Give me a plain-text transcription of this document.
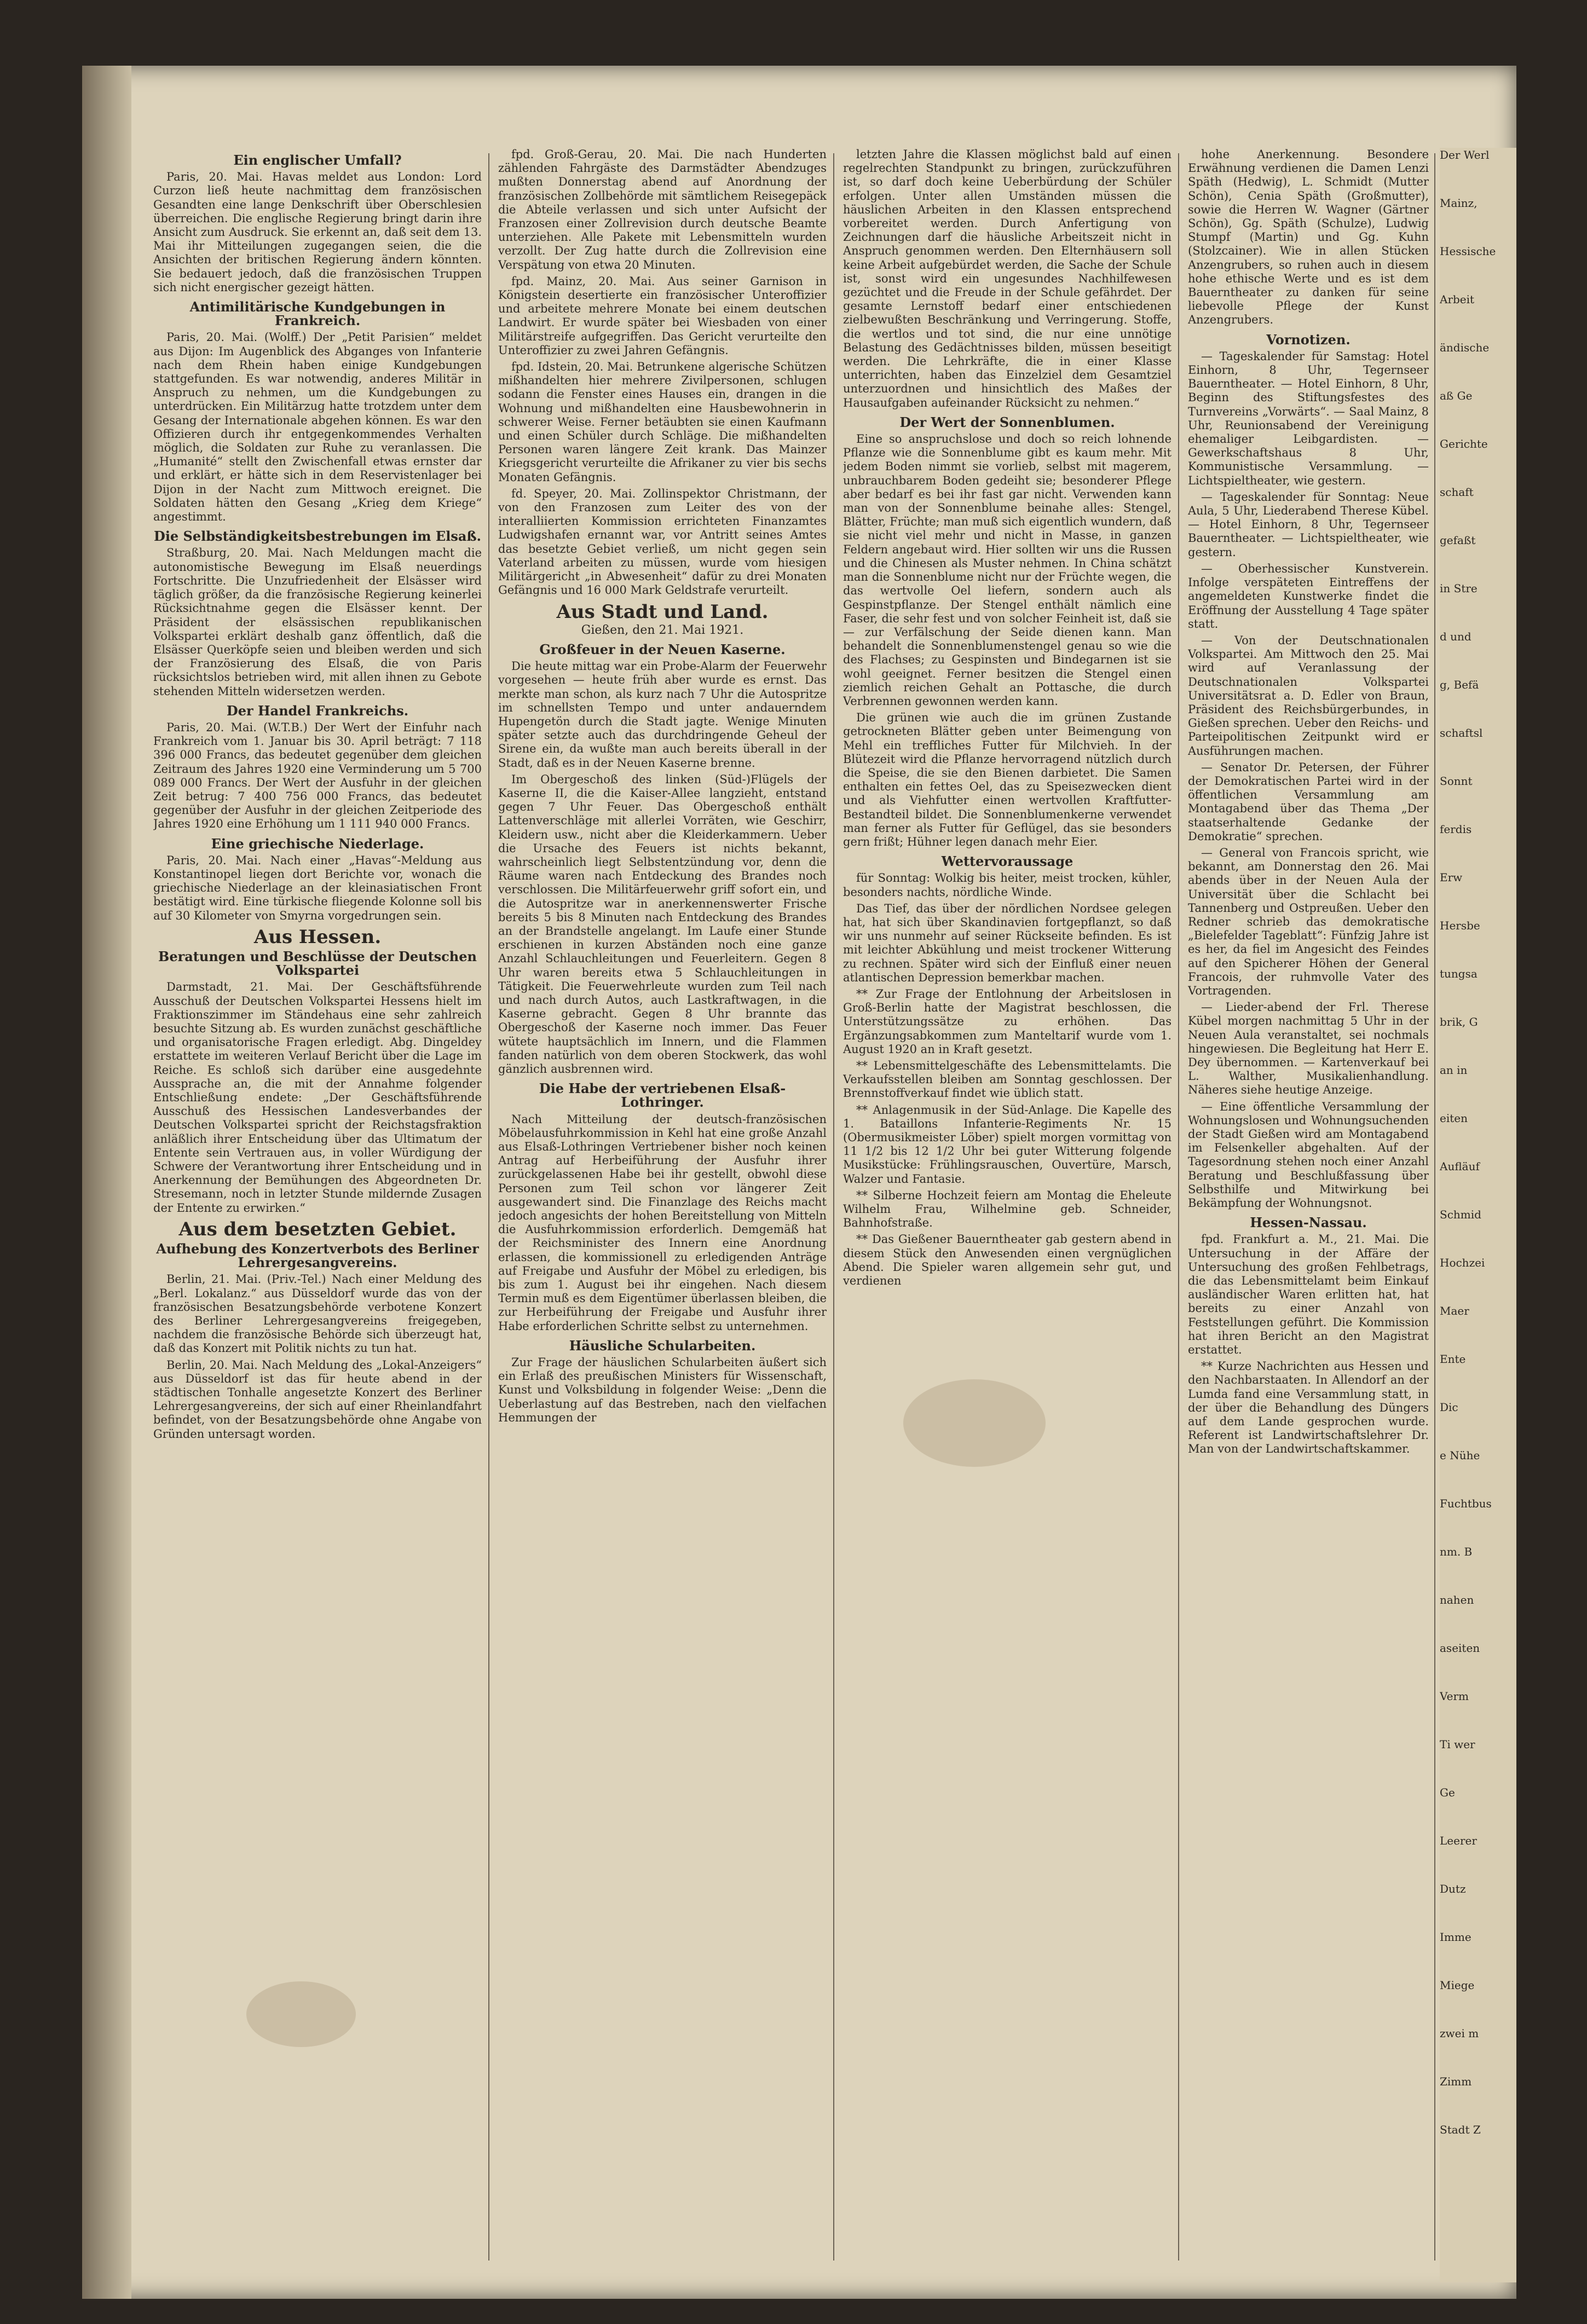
Ein englischer Umfall?

Paris, 20. Mai. Havas meldet aus London: Lord Curzon ließ heute nachmittag dem französischen Gesandten eine lange Denkschrift über Oberschlesien überreichen. Die englische Regierung bringt darin ihre Ansicht zum Ausdruck. Sie erkennt an, daß seit dem 13. Mai ihr Mitteilungen zugegangen seien, die die Ansichten der britischen Regierung ändern könnten. Sie bedauert jedoch, daß die französischen Truppen sich nicht energischer gezeigt hätten.

Antimilitärische Kundgebungen in Frankreich.

Paris, 20. Mai. (Wolff.) Der „Petit Parisien“ meldet aus Dijon: Im Augenblick des Abganges von Infanterie nach dem Rhein haben einige Kundgebungen stattgefunden. Es war notwendig, anderes Militär in Anspruch zu nehmen, um die Kundgebungen zu unterdrücken. Ein Militärzug hatte trotzdem unter dem Gesang der Internationale abgehen können. Es war den Offizieren durch ihr entgegenkommendes Verhalten möglich, die Soldaten zur Ruhe zu veranlassen. Die „Humanité“ stellt den Zwischenfall etwas ernster dar und erklärt, er hätte sich in dem Reservistenlager bei Dijon in der Nacht zum Mittwoch ereignet. Die Soldaten hätten den Gesang „Krieg dem Kriege“ angestimmt.

Die Selbständigkeitsbestrebungen im Elsaß.

Straßburg, 20. Mai. Nach Meldungen macht die autonomistische Bewegung im Elsaß neuerdings Fortschritte. Die Unzufriedenheit der Elsässer wird täglich größer, da die französische Regierung keinerlei Rücksichtnahme gegen die Elsässer kennt. Der Präsident der elsässischen republikanischen Volkspartei erklärt deshalb ganz öffentlich, daß die Elsässer Querköpfe seien und bleiben werden und sich der Französierung des Elsaß, die von Paris rücksichtslos betrieben wird, mit allen ihnen zu Gebote stehenden Mitteln widersetzen werden.

Der Handel Frankreichs.

Paris, 20. Mai. (W.T.B.) Der Wert der Einfuhr nach Frankreich vom 1. Januar bis 30. April beträgt: 7 118 396 000 Francs, das bedeutet gegenüber dem gleichen Zeitraum des Jahres 1920 eine Verminderung um 5 700 089 000 Francs. Der Wert der Ausfuhr in der gleichen Zeit betrug: 7 400 756 000 Francs, das bedeutet gegenüber der Ausfuhr in der gleichen Zeitperiode des Jahres 1920 eine Erhöhung um 1 111 940 000 Francs.

Eine griechische Niederlage.

Paris, 20. Mai. Nach einer „Havas“-Meldung aus Konstantinopel liegen dort Berichte vor, wonach die griechische Niederlage an der kleinasiatischen Front bestätigt wird. Eine türkische fliegende Kolonne soll bis auf 30 Kilometer von Smyrna vorgedrungen sein.

Aus Hessen.
Beratungen und Beschlüsse der Deutschen Volkspartei

Darmstadt, 21. Mai. Der Geschäftsführende Ausschuß der Deutschen Volkspartei Hessens hielt im Fraktionszimmer im Ständehaus eine sehr zahlreich besuchte Sitzung ab. Es wurden zunächst geschäftliche und organisatorische Fragen erledigt. Abg. Dingeldey erstattete im weiteren Verlauf Bericht über die Lage im Reiche. Es schloß sich darüber eine ausgedehnte Aussprache an, die mit der Annahme folgender Entschließung endete: „Der Geschäftsführende Ausschuß des Hessischen Landesverbandes der Deutschen Volkspartei spricht der Reichstagsfraktion anläßlich ihrer Entscheidung über das Ultimatum der Entente sein Vertrauen aus, in voller Würdigung der Schwere der Verantwortung ihrer Entscheidung und in Anerkennung der Bemühungen des Abgeordneten Dr. Stresemann, noch in letzter Stunde mildernde Zusagen der Entente zu erwirken.“

Aus dem besetzten Gebiet.
Aufhebung des Konzertverbots des Berliner Lehrergesangvereins.

Berlin, 21. Mai. (Priv.-Tel.) Nach einer Meldung des „Berl. Lokalanz.“ aus Düsseldorf wurde das von der französischen Besatzungsbehörde verbotene Konzert des Berliner Lehrergesangvereins freigegeben, nachdem die französische Behörde sich überzeugt hat, daß das Konzert mit Politik nichts zu tun hat.

Berlin, 20. Mai. Nach Meldung des „Lokal-Anzeigers“ aus Düsseldorf ist das für heute abend in der städtischen Tonhalle angesetzte Konzert des Berliner Lehrergesangvereins, der sich auf einer Rheinlandfahrt befindet, von der Besatzungsbehörde ohne Angabe von Gründen untersagt worden.

fpd. Groß-Gerau, 20. Mai. Die nach Hunderten zählenden Fahrgäste des Darmstädter Abendzuges mußten Donnerstag abend auf Anordnung der französischen Zollbehörde mit sämtlichem Reisegepäck die Abteile verlassen und sich unter Aufsicht der Franzosen einer Zollrevision durch deutsche Beamte unterziehen. Alle Pakete mit Lebensmitteln wurden verzollt. Der Zug hatte durch die Zollrevision eine Verspätung von etwa 20 Minuten.

fpd. Mainz, 20. Mai. Aus seiner Garnison in Königstein desertierte ein französischer Unteroffizier und arbeitete mehrere Monate bei einem deutschen Landwirt. Er wurde später bei Wiesbaden von einer Militärstreife aufgegriffen. Das Gericht verurteilte den Unteroffizier zu zwei Jahren Gefängnis.

fpd. Idstein, 20. Mai. Betrunkene algerische Schützen mißhandelten hier mehrere Zivilpersonen, schlugen sodann die Fenster eines Hauses ein, drangen in die Wohnung und mißhandelten eine Hausbewohnerin in schwerer Weise. Ferner betäubten sie einen Kaufmann und einen Schüler durch Schläge. Die mißhandelten Personen waren längere Zeit krank. Das Mainzer Kriegsgericht verurteilte die Afrikaner zu vier bis sechs Monaten Gefängnis.

fd. Speyer, 20. Mai. Zollinspektor Christmann, der von den Franzosen zum Leiter des von der interalliierten Kommission errichteten Finanzamtes Ludwigshafen ernannt war, vor Antritt seines Amtes das besetzte Gebiet verließ, um nicht gegen sein Vaterland arbeiten zu müssen, wurde vom hiesigen Militärgericht „in Abwesenheit“ dafür zu drei Monaten Gefängnis und 16 000 Mark Geldstrafe verurteilt.

Aus Stadt und Land.
Gießen, den 21. Mai 1921.
Großfeuer in der Neuen Kaserne.

Die heute mittag war ein Probe-Alarm der Feuerwehr vorgesehen — heute früh aber wurde es ernst. Das merkte man schon, als kurz nach 7 Uhr die Autospritze im schnellsten Tempo und unter andauerndem Hupengetön durch die Stadt jagte. Wenige Minuten später setzte auch das durchdringende Geheul der Sirene ein, da wußte man auch bereits überall in der Stadt, daß es in der Neuen Kaserne brenne.

Im Obergeschoß des linken (Süd-)Flügels der Kaserne II, die die Kaiser-Allee langzieht, entstand gegen 7 Uhr Feuer. Das Obergeschoß enthält Lattenverschläge mit allerlei Vorräten, wie Geschirr, Kleidern usw., nicht aber die Kleiderkammern. Ueber die Ursache des Feuers ist nichts bekannt, wahrscheinlich liegt Selbstentzündung vor, denn die Räume waren nach Entdeckung des Brandes noch verschlossen. Die Militärfeuerwehr griff sofort ein, und die Autospritze war in anerkennenswerter Frische bereits 5 bis 8 Minuten nach Entdeckung des Brandes an der Brandstelle angelangt. Im Laufe einer Stunde erschienen in kurzen Abständen noch eine ganze Anzahl Schlauchleitungen und Feuerleitern. Gegen 8 Uhr waren bereits etwa 5 Schlauchleitungen in Tätigkeit. Die Feuerwehrleute wurden zum Teil nach und nach durch Autos, auch Lastkraftwagen, in die Kaserne gebracht. Gegen 8 Uhr brannte das Obergeschoß der Kaserne noch immer. Das Feuer wütete hauptsächlich im Innern, und die Flammen fanden natürlich von dem oberen Stockwerk, das wohl gänzlich ausbrennen wird.

Die Habe der vertriebenen Elsaß-Lothringer.

Nach Mitteilung der deutsch-französischen Möbelausfuhrkommission in Kehl hat eine große Anzahl aus Elsaß-Lothringen Vertriebener bisher noch keinen Antrag auf Herbeiführung der Ausfuhr ihrer zurückgelassenen Habe bei ihr gestellt, obwohl diese Personen zum Teil schon vor längerer Zeit ausgewandert sind. Die Finanzlage des Reichs macht jedoch angesichts der hohen Bereitstellung von Mitteln die Ausfuhrkommission erforderlich. Demgemäß hat der Reichsminister des Innern eine Anordnung erlassen, die kommissionell zu erledigenden Anträge auf Freigabe und Ausfuhr der Möbel zu erledigen, bis bis zum 1. August bei ihr eingehen. Nach diesem Termin muß es dem Eigentümer überlassen bleiben, die zur Herbeiführung der Freigabe und Ausfuhr ihrer Habe erforderlichen Schritte selbst zu unternehmen.

Häusliche Schularbeiten.

Zur Frage der häuslichen Schularbeiten äußert sich ein Erlaß des preußischen Ministers für Wissenschaft, Kunst und Volksbildung in folgender Weise: „Denn die Ueberlastung auf das Bestreben, nach den vielfachen Hemmungen der

letzten Jahre die Klassen möglichst bald auf einen regelrechten Standpunkt zu bringen, zurückzuführen ist, so darf doch keine Ueberbürdung der Schüler erfolgen. Unter allen Umständen müssen die häuslichen Arbeiten in den Klassen entsprechend vorbereitet werden. Durch Anfertigung von Zeichnungen darf die häusliche Arbeitszeit nicht in Anspruch genommen werden. Den Elternhäusern soll keine Arbeit aufgebürdet werden, die Sache der Schule ist, sonst wird ein ungesundes Nachhilfewesen gezüchtet und die Freude in der Schule gefährdet. Der gesamte Lernstoff bedarf einer entschiedenen zielbewußten Beschränkung und Verringerung. Stoffe, die wertlos und tot sind, die nur eine unnötige Belastung des Gedächtnisses bilden, müssen beseitigt werden. Die Lehrkräfte, die in einer Klasse unterrichten, haben das Einzelziel dem Gesamtziel unterzuordnen und hinsichtlich des Maßes der Hausaufgaben aufeinander Rücksicht zu nehmen.“

Der Wert der Sonnenblumen.

Eine so anspruchslose und doch so reich lohnende Pflanze wie die Sonnenblume gibt es kaum mehr. Mit jedem Boden nimmt sie vorlieb, selbst mit magerem, unbrauchbarem Boden gedeiht sie; besonderer Pflege aber bedarf es bei ihr fast gar nicht. Verwenden kann man von der Sonnenblume beinahe alles: Stengel, Blätter, Früchte; man muß sich eigentlich wundern, daß sie nicht viel mehr und nicht in Masse, in ganzen Feldern angebaut wird. Hier sollten wir uns die Russen und die Chinesen als Muster nehmen. In China schätzt man die Sonnenblume nicht nur der Früchte wegen, die das wertvolle Oel liefern, sondern auch als Gespinstpflanze. Der Stengel enthält nämlich eine Faser, die sehr fest und von solcher Feinheit ist, daß sie — zur Verfälschung der Seide dienen kann. Man behandelt die Sonnenblumenstengel genau so wie die des Flachses; zu Gespinsten und Bindegarnen ist sie wohl geeignet. Ferner besitzen die Stengel einen ziemlich reichen Gehalt an Pottasche, die durch Verbrennen gewonnen werden kann.

Die grünen wie auch die im grünen Zustande getrockneten Blätter geben unter Beimengung von Mehl ein treffliches Futter für Milchvieh. In der Blütezeit wird die Pflanze hervorragend nützlich durch die Speise, die sie den Bienen darbietet. Die Samen enthalten ein fettes Oel, das zu Speisezwecken dient und als Viehfutter einen wertvollen Kraftfutter-Bestandteil bildet. Die Sonnenblumenkerne verwendet man ferner als Futter für Geflügel, das sie besonders gern frißt; Hühner legen danach mehr Eier.

Wettervoraussage

für Sonntag: Wolkig bis heiter, meist trocken, kühler, besonders nachts, nördliche Winde.

Das Tief, das über der nördlichen Nordsee gelegen hat, hat sich über Skandinavien fortgepflanzt, so daß wir uns nunmehr auf seiner Rückseite befinden. Es ist mit leichter Abkühlung und meist trockener Witterung zu rechnen. Später wird sich der Einfluß einer neuen atlantischen Depression bemerkbar machen.

** Zur Frage der Entlohnung der Arbeitslosen in Groß-Berlin hatte der Magistrat beschlossen, die Unterstützungssätze zu erhöhen. Das Ergänzungsabkommen zum Manteltarif wurde vom 1. August 1920 an in Kraft gesetzt.

** Lebensmittelgeschäfte des Lebensmittelamts. Die Verkaufsstellen bleiben am Sonntag geschlossen. Der Brennstoffverkauf findet wie üblich statt.

** Anlagenmusik in der Süd-Anlage. Die Kapelle des 1. Bataillons Infanterie-Regiments Nr. 15 (Obermusikmeister Löber) spielt morgen vormittag von 11 1/2 bis 12 1/2 Uhr bei guter Witterung folgende Musikstücke: Frühlingsrauschen, Ouvertüre, Marsch, Walzer und Fantasie.

** Silberne Hochzeit feiern am Montag die Eheleute Wilhelm Frau, Wilhelmine geb. Schneider, Bahnhofstraße.

** Das Gießener Bauerntheater gab gestern abend in diesem Stück den Anwesenden einen vergnüglichen Abend. Die Spieler waren allgemein sehr gut, und verdienen

hohe Anerkennung. Besondere Erwähnung verdienen die Damen Lenzi Späth (Hedwig), L. Schmidt (Mutter Schön), Cenia Späth (Großmutter), sowie die Herren W. Wagner (Gärtner Schön), Gg. Späth (Schulze), Ludwig Stumpf (Martin) und Gg. Kuhn (Stolzcainer). Wie in allen Stücken Anzengrubers, so ruhen auch in diesem hohe ethische Werte und es ist dem Bauerntheater zu danken für seine liebevolle Pflege der Kunst Anzengrubers.

Vornotizen.

— Tageskalender für Samstag: Hotel Einhorn, 8 Uhr, Tegernseer Bauerntheater. — Hotel Einhorn, 8 Uhr, Beginn des Stiftungsfestes des Turnvereins „Vorwärts“. — Saal Mainz, 8 Uhr, Reunionsabend der Vereinigung ehemaliger Leibgardisten. — Gewerkschaftshaus 8 Uhr, Kommunistische Versammlung. — Lichtspieltheater, wie gestern.

— Tageskalender für Sonntag: Neue Aula, 5 Uhr, Liederabend Therese Kübel. — Hotel Einhorn, 8 Uhr, Tegernseer Bauerntheater. — Lichtspieltheater, wie gestern.

— Oberhessischer Kunstverein. Infolge verspäteten Eintreffens der angemeldeten Kunstwerke findet die Eröffnung der Ausstellung 4 Tage später statt.

— Von der Deutschnationalen Volkspartei. Am Mittwoch den 25. Mai wird auf Veranlassung der Deutschnationalen Volkspartei Universitätsrat a. D. Edler von Braun, Präsident des Reichsbürgerbundes, in Gießen sprechen. Ueber den Reichs- und Parteipolitischen Zeitpunkt wird er Ausführungen machen.

— Senator Dr. Petersen, der Führer der Demokratischen Partei wird in der öffentlichen Versammlung am Montagabend über das Thema „Der staatserhaltende Gedanke der Demokratie“ sprechen.

— General von Francois spricht, wie bekannt, am Donnerstag den 26. Mai abends über in der Neuen Aula der Universität über die Schlacht bei Tannenberg und Ostpreußen. Ueber den Redner schrieb das demokratische „Bielefelder Tageblatt“: Fünfzig Jahre ist es her, da fiel im Angesicht des Feindes auf den Spicherer Höhen der General Francois, der ruhmvolle Vater des Vortragenden.

— Lieder-abend der Frl. Therese Kübel morgen nachmittag 5 Uhr in der Neuen Aula veranstaltet, sei nochmals hingewiesen. Die Begleitung hat Herr E. Dey übernommen. — Kartenverkauf bei L. Walther, Musikalienhandlung. Näheres siehe heutige Anzeige.

— Eine öffentliche Versammlung der Wohnungslosen und Wohnungsuchenden der Stadt Gießen wird am Montagabend im Felsenkeller abgehalten. Auf der Tagesordnung stehen noch einer Anzahl Beratung und Beschlußfassung über Selbsthilfe und Mitwirkung bei Bekämpfung der Wohnungsnot.

Hessen-Nassau.

fpd. Frankfurt a. M., 21. Mai. Die Untersuchung in der Affäre der Untersuchung des großen Fehlbetrags, die das Lebensmittelamt beim Einkauf ausländischer Waren erlitten hat, hat bereits zu einer Anzahl von Feststellungen geführt. Die Kommission hat ihren Bericht an den Magistrat erstattet.

** Kurze Nachrichten aus Hessen und den Nachbarstaaten. In Allendorf an der Lumda fand eine Versammlung statt, in der über die Behandlung des Düngers auf dem Lande gesprochen wurde. Referent ist Landwirtschaftslehrer Dr. Man von der Landwirtschaftskammer.

Der Werl
Mainz,
Hessische
Arbeit
ändische
aß Ge
Gerichte
schaft
gefaßt
in Stre
d und
g, Befä
schaftsl
Sonnt
ferdis
Erw
Hersbe
tungsa
brik, G
an in
eiten
Aufläuf
Schmid
Hochzei
Maer
Ente
Dic
e Nühe
Fuchtbus
nm. B
nahen
aseiten
Verm
Ti wer
Ge
Leerer
Dutz
Imme
Miege
zwei m
Zimm
Stadt Z
